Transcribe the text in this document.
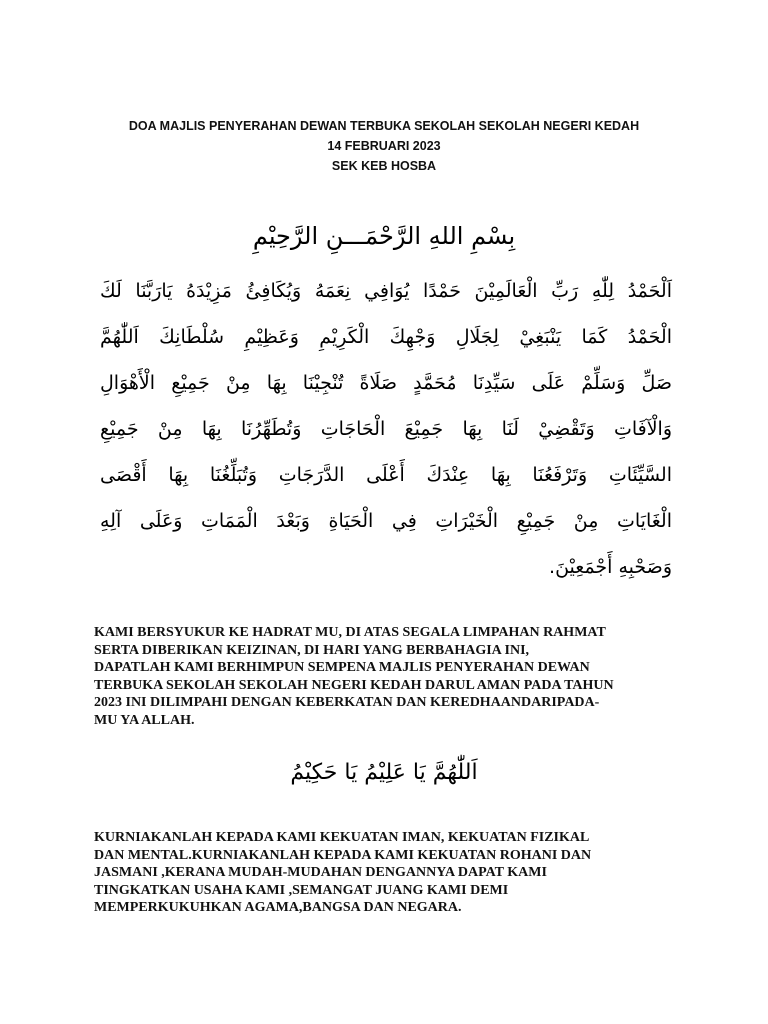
DOA MAJLIS PENYERAHAN DEWAN TERBUKA SEKOLAH SEKOLAH NEGERI KEDAH
14 FEBRUARI 2023
SEK KEB HOSBA
بِسْمِ اللهِ الرَّحْمَـــنِ الرَّحِيْمِ
اَلْحَمْدُ لِلّٰهِ رَبِّ الْعَالَمِيْنَ حَمْدًا يُوَافِي نِعَمَهُ وَيُكَافِئُ مَزِيْدَهُ يَارَبَّنَا لَكَ
الْحَمْدُ كَمَا يَنْبَغِيْ لِجَلَالِ وَجْهِكَ الْكَرِيْمِ وَعَظِيْمِ سُلْطَانِكَ اَللّٰهُمَّ
صَلِّ وَسَلِّمْ عَلَى سَيِّدِنَا مُحَمَّدٍ صَلَاةً تُنْجِيْنَا بِهَا مِنْ جَمِيْعِ الْأَهْوَالِ
وَالْآفَاتِ وَتَقْضِيْ لَنَا بِهَا جَمِيْعَ الْحَاجَاتِ وَتُطَهِّرُنَا بِهَا مِنْ جَمِيْعِ
السَّيِّئَاتِ وَتَرْفَعُنَا بِهَا عِنْدَكَ أَعْلَى الدَّرَجَاتِ وَتُبَلِّغُنَا بِهَا أَقْصَى
الْغَايَاتِ مِنْ جَمِيْعِ الْخَيْرَاتِ فِي الْحَيَاةِ وَبَعْدَ الْمَمَاتِ وَعَلَى آلِهِ
وَصَحْبِهِ أَجْمَعِيْنَ.
KAMI BERSYUKUR KE HADRAT MU, DI ATAS SEGALA LIMPAHAN RAHMAT
SERTA DIBERIKAN KEIZINAN, DI HARI YANG BERBAHAGIA INI,
DAPATLAH KAMI BERHIMPUN SEMPENA MAJLIS PENYERAHAN DEWAN
TERBUKA SEKOLAH SEKOLAH NEGERI KEDAH DARUL AMAN PADA TAHUN
2023 INI DILIMPAHI DENGAN KEBERKATAN DAN KEREDHAANDARIPADA-
MU YA ALLAH.
اَللّٰهُمَّ يَا عَلِيْمُ يَا حَكِيْمُ
KURNIAKANLAH KEPADA KAMI KEKUATAN IMAN, KEKUATAN FIZIKAL
DAN MENTAL.KURNIAKANLAH KEPADA KAMI KEKUATAN ROHANI DAN
JASMANI ,KERANA MUDAH-MUDAHAN DENGANNYA DAPAT KAMI
TINGKATKAN USAHA KAMI ,SEMANGAT JUANG KAMI DEMI
MEMPERKUKUHKAN AGAMA,BANGSA DAN NEGARA.
